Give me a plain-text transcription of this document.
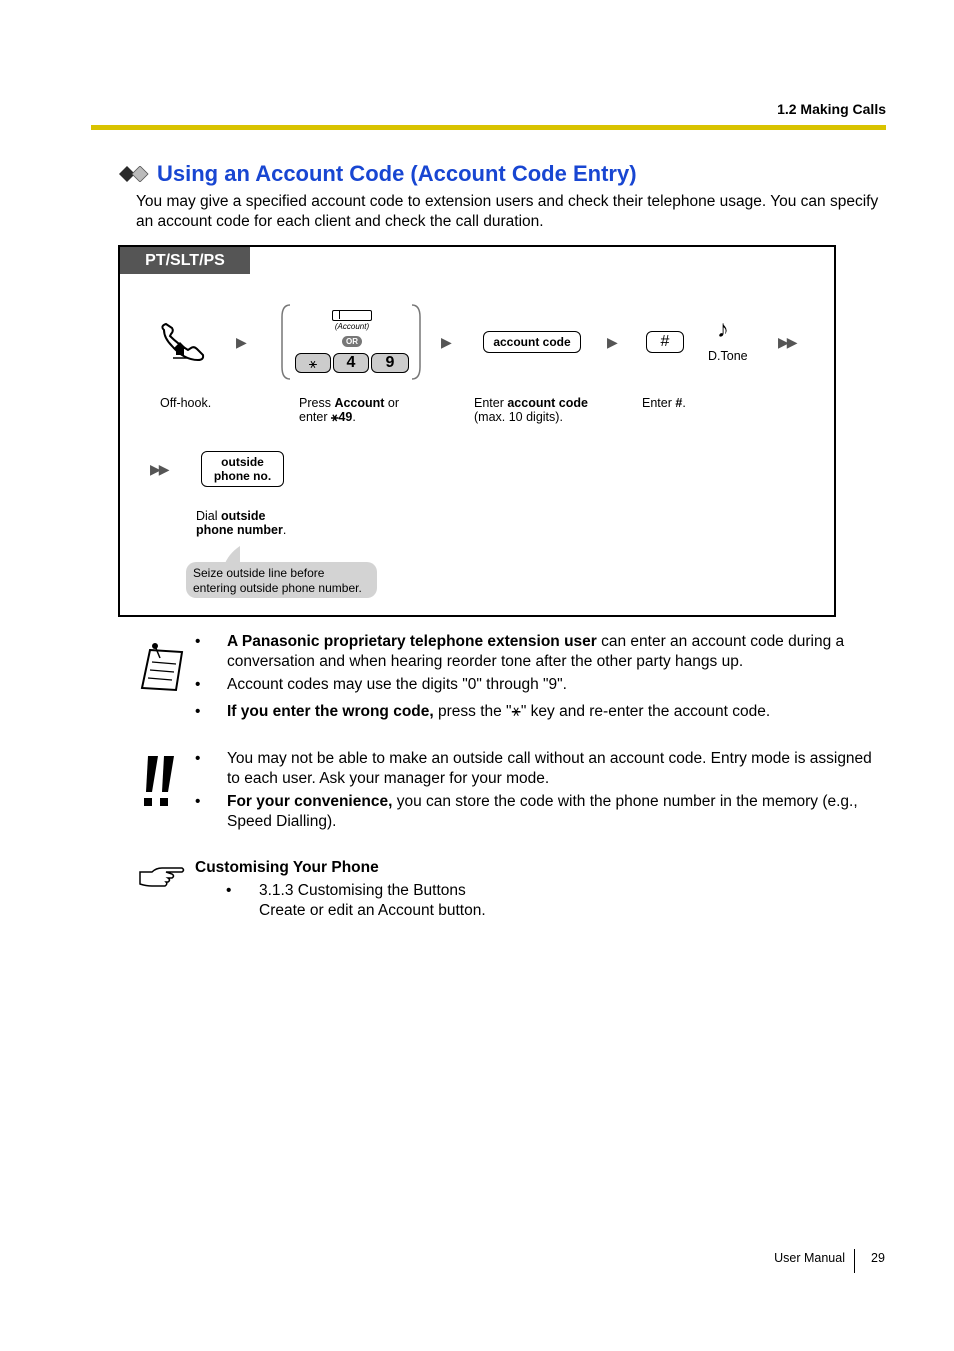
1.2 Making Calls
Using an Account Code (Account Code Entry)
You may give a specified account code to extension users and check their telephone usage. You can specify an account code for each client and check the call duration.
PT/SLT/PS
▶
(Account)
OR
⚹	4	9
▶	account code	▶	#	♪
D.Tone
▶▶
Off-hook.	Press Account or
enter ⚹49.
Enter account code
(max. 10 digits).
Enter #.
▶▶	outside
phone no.
Dial outside
phone number.
Seize outside line before
entering outside phone number.
• A Panasonic proprietary telephone extension user can enter an account code during a conversation and when hearing reorder tone after the other party hangs up.
• Account codes may use the digits "0" through "9".
• If you enter the wrong code, press the "⚹" key and re-enter the account code.
• You may not be able to make an outside call without an account code. Entry mode is assigned to each user. Ask your manager for your mode.
• For your convenience, you can store the code with the phone number in the memory (e.g., Speed Dialling).
Customising Your Phone
• 3.1.3 Customising the Buttons
Create or edit an Account button.
User Manual 29
